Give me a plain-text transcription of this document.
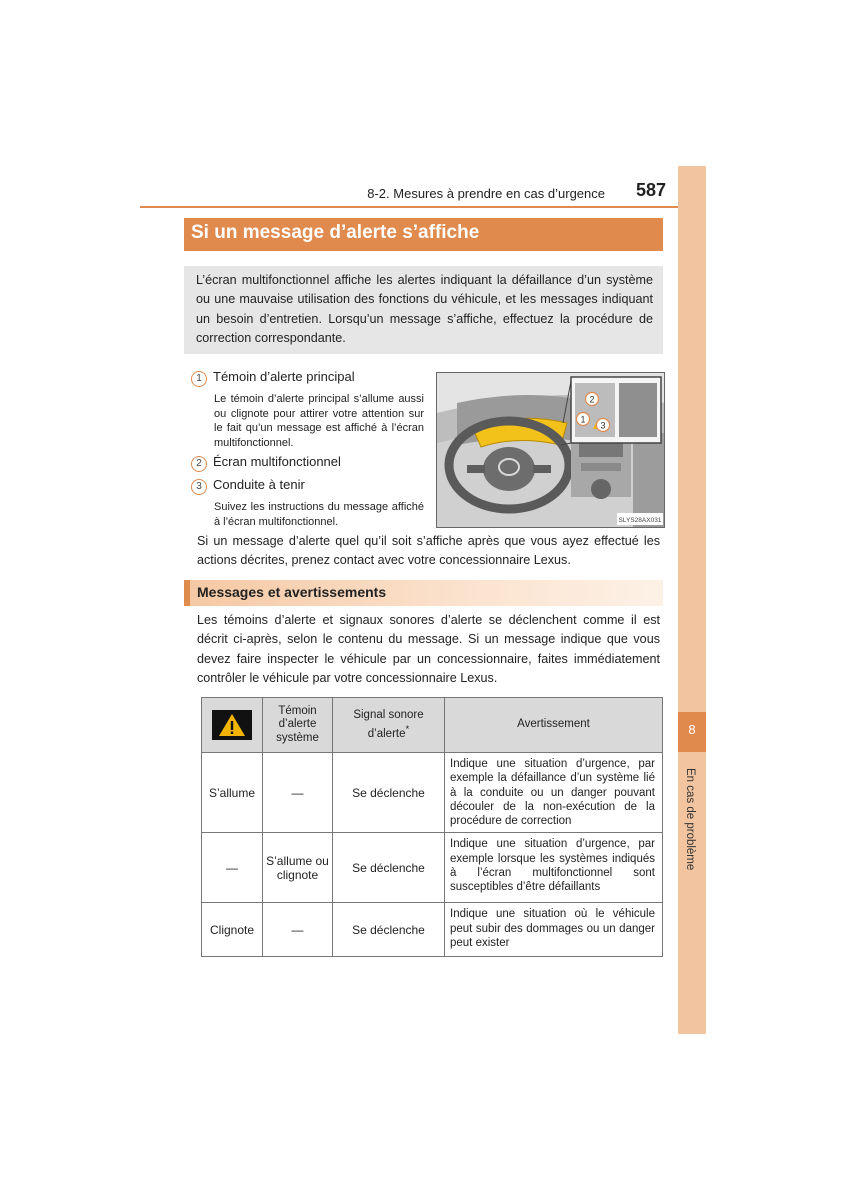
8-2. Mesures à prendre en cas d’urgence 587
8
En cas de problème
Si un message d’alerte s’affiche
L’écran multifonctionnel affiche les alertes indiquant la défaillance d’un système ou une mauvaise utilisation des fonctions du véhicule, et les messages indiquant un besoin d’entretien. Lorsqu’un message s’affiche, effectuez la procédure de correction correspondante.
1 Témoin d’alerte principal
Le témoin d’alerte principal s’allume aussi ou clignote pour attirer votre attention sur le fait qu’un message est affiché à l’écran multifonctionnel.
2 Écran multifonctionnel
3 Conduite à tenir
Suivez les instructions du message affiché à l’écran multifonctionnel.
2
1
3
SLYS28AX031
Si un message d’alerte quel qu’il soit s’affiche après que vous ayez effectué les actions décrites, prenez contact avec votre concessionnaire Lexus.
Messages et avertissements
Les témoins d’alerte et signaux sonores d’alerte se déclenchent comme il est décrit ci-après, selon le contenu du message. Si un message indique que vous devez faire inspecter le véhicule par un concessionnaire, faites immédiatement contrôler le véhicule par votre concessionnaire Lexus.
	Témoin d’alerte système	Signal sonore d’alerte*	Avertissement
S’allume	—	Se déclenche	Indique une situation d’urgence, par exemple la défaillance d’un système lié à la conduite ou un danger pouvant découler de la non-exécution de la procédure de correction
—	S’allume ou clignote	Se déclenche	Indique une situation d’urgence, par exemple lorsque les systèmes indiqués à l’écran multifonctionnel sont susceptibles d’être défaillants
Clignote	—	Se déclenche	Indique une situation où le véhicule peut subir des dommages ou un danger peut exister
